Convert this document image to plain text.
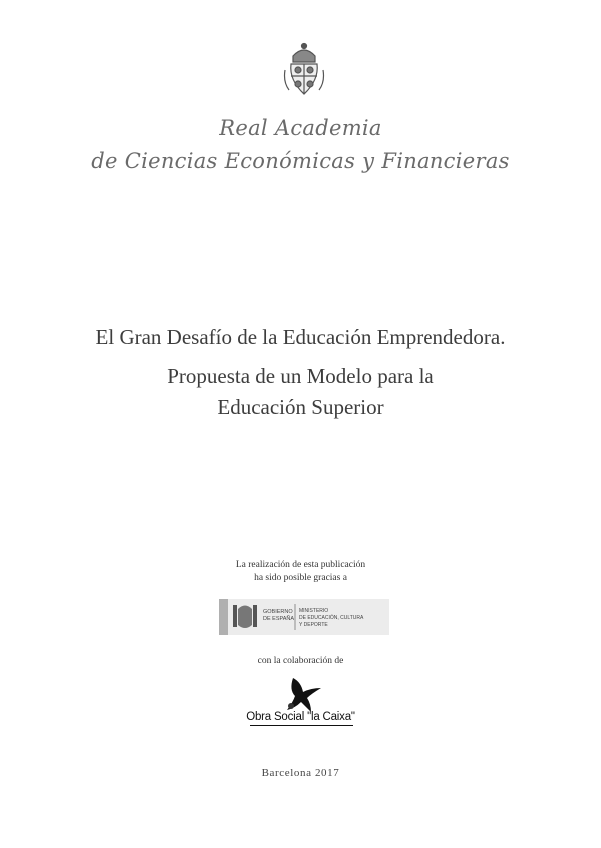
Real Academia
de Ciencias Económicas y Financieras
El Gran Desafío de la Educación Emprendedora.
Propuesta de un Modelo para la
Educación Superior
La realización de esta publicación
ha sido posible gracias a
GOBIERNO
DE ESPAÑA
MINISTERIO
DE EDUCACIÓN, CULTURA
Y DEPORTE
con la colaboración de
Obra Social "la Caixa"
Barcelona 2017
